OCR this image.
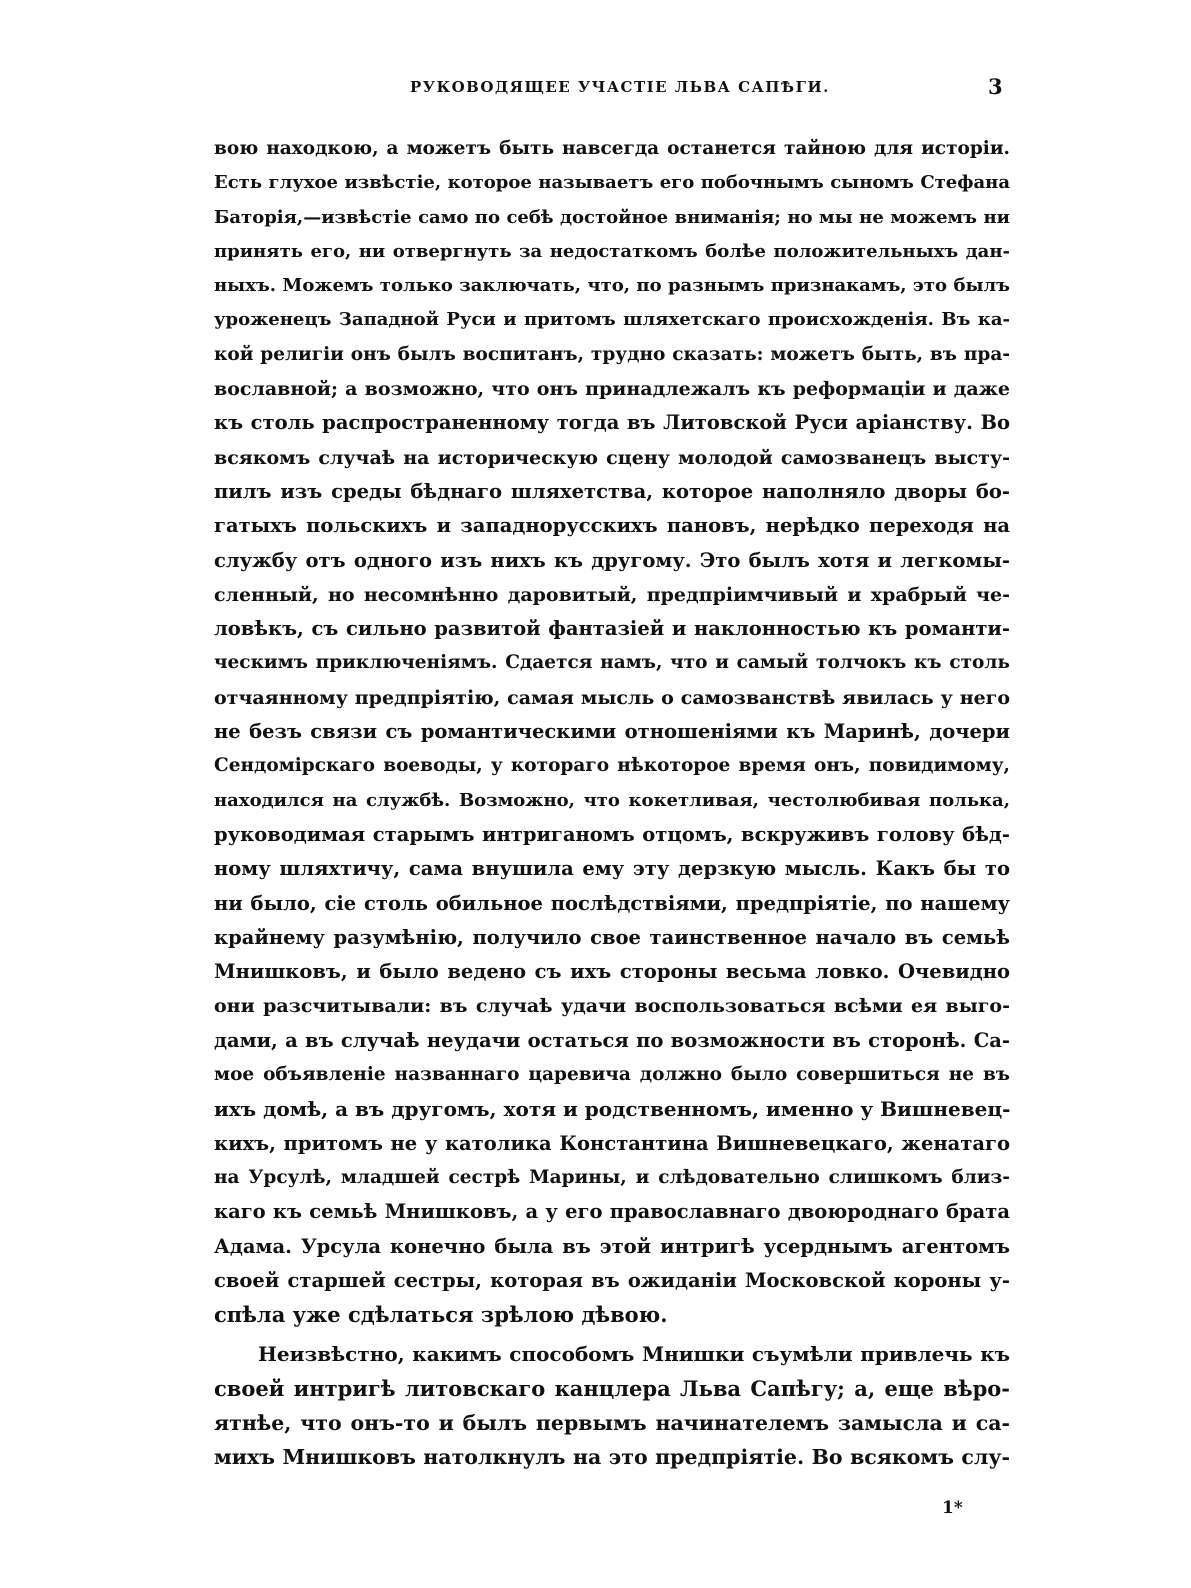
РУКОВОДЯЩЕЕ УЧАСТІЕ ЛЬВА САПѢГИ.	3
вою находкою, а можетъ быть навсегда останется тайною для исторіи.
Есть глухое извѣстіе, которое называетъ его побочнымъ сыномъ Стефана
Баторія,—извѣстіе само по себѣ достойное вниманія; но мы не можемъ ни
принять его, ни отвергнуть за недостаткомъ болѣе положительныхъ дан-
ныхъ. Можемъ только заключать, что, по разнымъ признакамъ, это былъ
уроженецъ Западной Руси и притомъ шляхетскаго происхожденія. Въ ка-
кой религіи онъ былъ воспитанъ, трудно сказать: можетъ быть, въ пра-
вославной; а возможно, что онъ принадлежалъ къ реформаціи и даже
къ столь распространенному тогда въ Литовской Руси аріанству. Во
всякомъ случаѣ на историческую сцену молодой самозванецъ высту-
пилъ изъ среды бѣднаго шляхетства, которое наполняло дворы бо-
гатыхъ польскихъ и западнорусскихъ пановъ, нерѣдко переходя на
службу отъ одного изъ нихъ къ другому. Это былъ хотя и легкомы-
сленный, но несомнѣнно даровитый, предпріимчивый и храбрый че-
ловѣкъ, съ сильно развитой фантазіей и наклонностью къ романти-
ческимъ приключеніямъ. Сдается намъ, что и самый толчокъ къ столь
отчаянному предпріятію, самая мысль о самозванствѣ явилась у него
не безъ связи съ романтическими отношеніями къ Маринѣ, дочери
Сендомірскаго воеводы, у котораго нѣкоторое время онъ, повидимому,
находился на службѣ. Возможно, что кокетливая, честолюбивая полька,
руководимая старымъ интриганомъ отцомъ, вскруживъ голову бѣд-
ному шляхтичу, сама внушила ему эту дерзкую мысль. Какъ бы то
ни было, сіе столь обильное послѣдствіями, предпріятіе, по нашему
крайнему разумѣнію, получило свое таинственное начало въ семьѣ
Мнишковъ, и было ведено съ ихъ стороны весьма ловко. Очевидно
они разсчитывали: въ случаѣ удачи воспользоваться всѣми ея выго-
дами, а въ случаѣ неудачи остаться по возможности въ сторонѣ. Са-
мое объявленіе названнаго царевича должно было совершиться не въ
ихъ домѣ, а въ другомъ, хотя и родственномъ, именно у Вишневец-
кихъ, притомъ не у католика Константина Вишневецкаго, женатаго
на Урсулѣ, младшей сестрѣ Марины, и слѣдовательно слишкомъ близ-
каго къ семьѣ Мнишковъ, а у его православнаго двоюроднаго брата
Адама. Урсула конечно была въ этой интригѣ усерднымъ агентомъ
своей старшей сестры, которая въ ожиданіи Московской короны у-
спѣла уже сдѣлаться зрѣлою дѣвою.
Неизвѣстно, какимъ способомъ Мнишки съумѣли привлечь къ
своей интригѣ литовскаго канцлера Льва Сапѣгу; а, еще вѣро-
ятнѣе, что онъ-то и былъ первымъ начинателемъ замысла и са-
михъ Мнишковъ натолкнулъ на это предпріятіе. Во всякомъ слу-
1*
